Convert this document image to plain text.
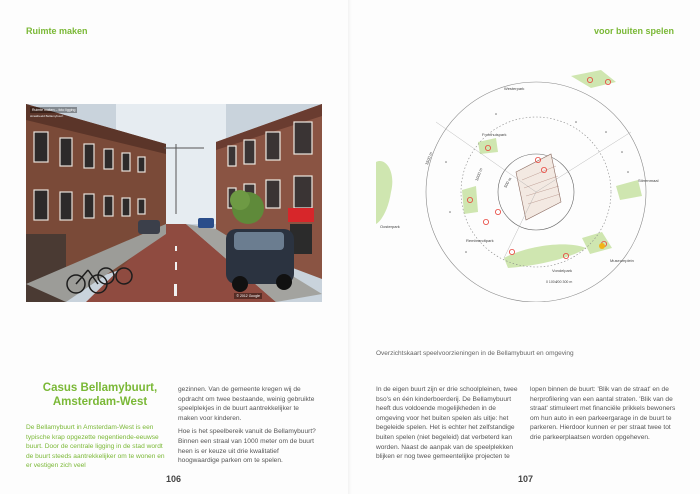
Ruimte maken
Ruimte maken – foto ligging
straatbeeld Bellamybuurt
© 2012 Google
Casus Bellamybuurt,
Amsterdam-West

De Bellamybuurt in Amsterdam-West is een typische krap opgezette negentiende-eeuwse buurt. Door de centrale ligging in de stad wordt de buurt steeds aantrekkelijker om te wonen en er vestigen zich veel

gezinnen. Van de gemeente kregen wij de opdracht om twee bestaande, weinig gebruikte speelplekjes in de buurt aantrekkelijker te maken voor kinderen.

Hoe is het speelbereik vanuit de Bellamybuurt? Binnen een straal van 1000 meter om de buurt heen is er keuze uit drie kwalitatief hoogwaardige parken om te spelen.

106
voor buiten spelen
Westerpark
Fronthuispark
Oosterpark
Rembrandtpark
Vondelpark
Museumplein
Stirrenmaal
1500 m
1000 m
500 m
0 100 200 300 m
Overzichtskaart speelvoorzieningen in de Bellamybuurt en omgeving

In de eigen buurt zijn er drie schoolpleinen, twee bso's en één kinderboerderij. De Bellamybuurt heeft dus voldoende mogelijkheden in de omgeving voor het buiten spelen als uitje: het begeleide spelen. Het is echter het zelfstandige buiten spelen (niet begeleid) dat verbeterd kan worden. Naast de aanpak van de speelplekken blijken er nog twee gemeentelijke projecten te

lopen binnen de buurt: 'Blik van de straat' en de herprofilering van een aantal straten. 'Blik van de straat' stimuleert met financiële prikkels bewoners om hun auto in een parkeergarage in de buurt te parkeren. Hierdoor kunnen er per straat twee tot drie parkeerplaatsen worden opgeheven.

107
